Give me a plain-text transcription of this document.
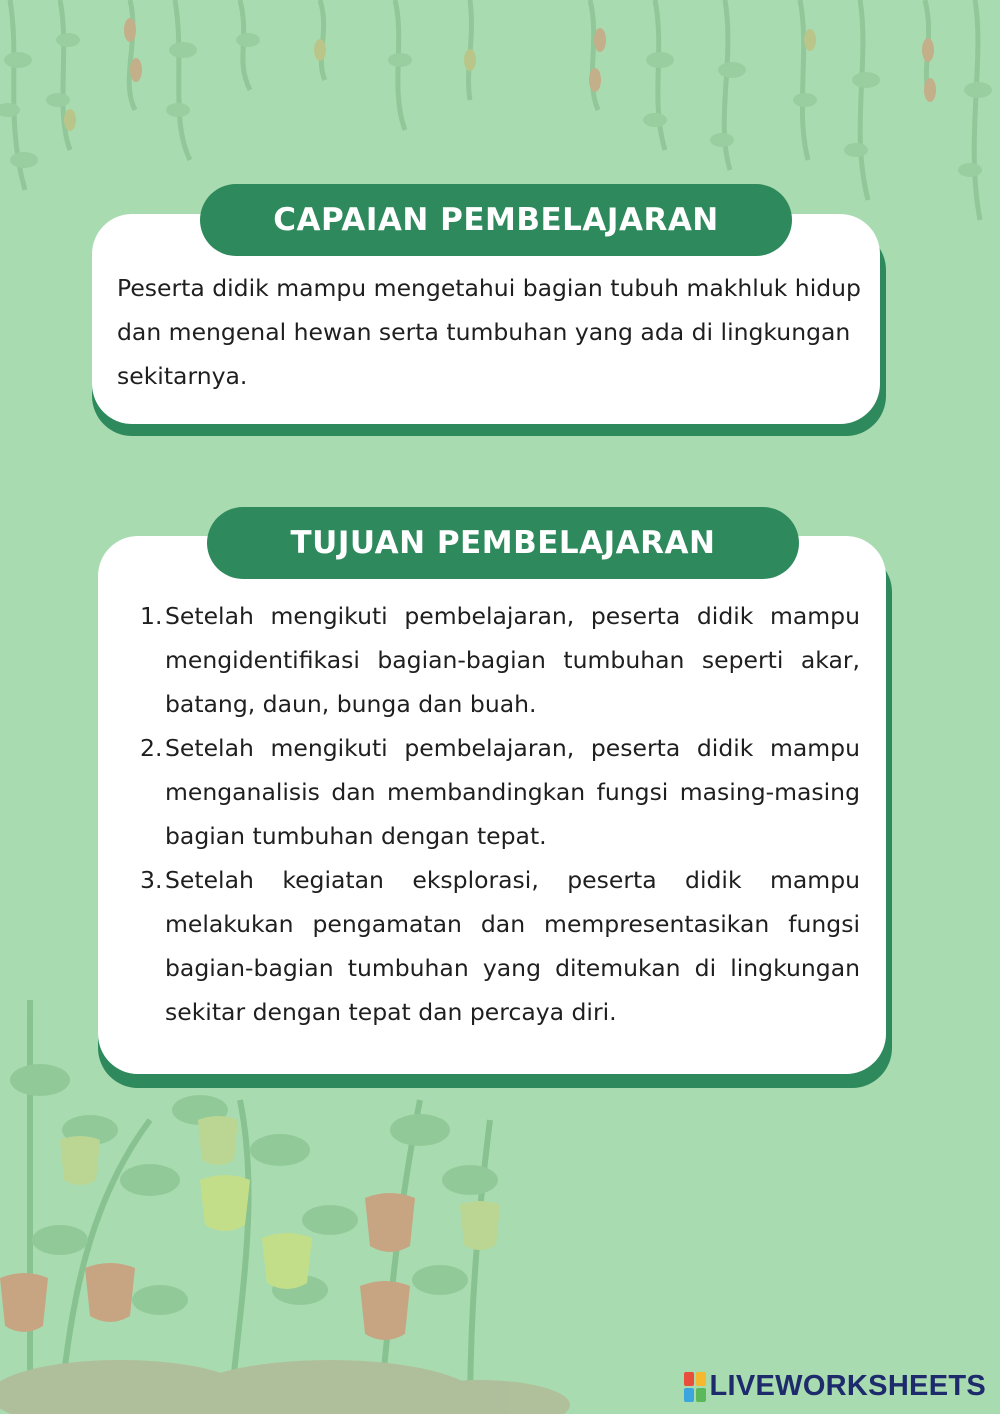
CAPAIAN PEMBELAJARAN

Peserta didik mampu mengetahui bagian tubuh makhluk hidup dan mengenal hewan serta tumbuhan yang ada di lingkungan sekitarnya.

TUJUAN PEMBELAJARAN
1. Setelah mengikuti pembelajaran, peserta didik mampu mengidentifikasi bagian-bagian tumbuhan seperti akar, batang, daun, bunga dan buah.
2. Setelah mengikuti pembelajaran, peserta didik mampu menganalisis dan membandingkan fungsi masing-masing bagian tumbuhan dengan tepat.
3. Setelah kegiatan eksplorasi, peserta didik mampu melakukan pengamatan dan mempresentasikan fungsi bagian-bagian tumbuhan yang ditemukan di lingkungan sekitar dengan tepat dan percaya diri.
LIVEWORKSHEETS
